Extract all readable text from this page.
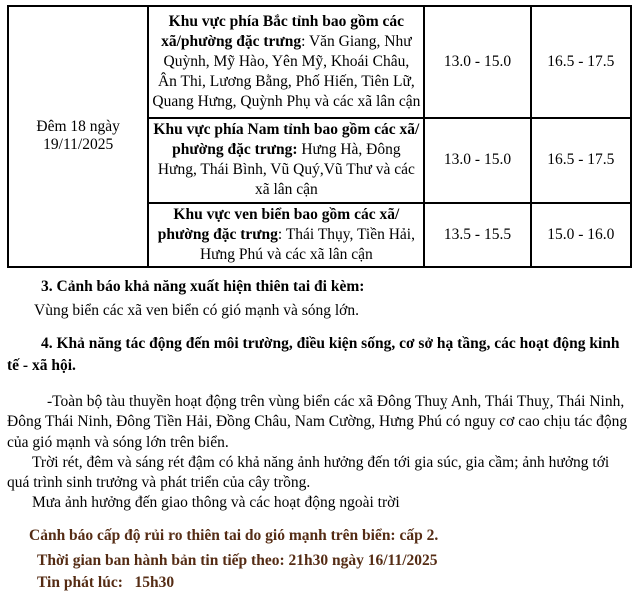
Đêm 18 ngày
19/11/2025	Khu vực phía Bắc tỉnh bao gồm các xã/phường đặc trưng: Văn Giang, Như Quỳnh, Mỹ Hào, Yên Mỹ, Khoái Châu, Ân Thi, Lương Bằng, Phố Hiến, Tiên Lữ, Quang Hưng, Quỳnh Phụ và các xã lân cận	13.0 - 15.0	16.5 - 17.5
	Khu vực phía Nam tỉnh bao gồm các xã/ phường đặc trưng: Hưng Hà, Đông Hưng, Thái Bình, Vũ Quý,Vũ Thư và các xã lân cận	13.0 - 15.0	16.5 - 17.5
	Khu vực ven biển bao gồm các xã/ phường đặc trưng: Thái Thụy, Tiền Hải, Hưng Phú và các xã lân cận	13.5 - 15.5	15.0 - 16.0

3. Cảnh báo khả năng xuất hiện thiên tai đi kèm:

Vùng biển các xã ven biển có gió mạnh và sóng lớn.

4. Khả năng tác động đến môi trường, điều kiện sống, cơ sở hạ tầng, các hoạt động kinh tế - xã hội.

-Toàn bộ tàu thuyền hoạt động trên vùng biển các xã Đông Thuỵ Anh, Thái Thuỵ, Thái Ninh, Đông Thái Ninh, Đông Tiền Hải, Đồng Châu, Nam Cường, Hưng Phú có nguy cơ cao chịu tác động của gió mạnh và sóng lớn trên biển.

Trời rét, đêm và sáng rét đậm có khả năng ảnh hưởng đến tới gia súc, gia cầm; ảnh hưởng tới quá trình sinh trưởng và phát triển của cây trồng.

Mưa ảnh hưởng đến giao thông và các hoạt động ngoài trời

Cảnh báo cấp độ rủi ro thiên tai do gió mạnh trên biển: cấp 2.

Thời gian ban hành bản tin tiếp theo: 21h30 ngày 16/11/2025

Tin phát lúc:   15h30
